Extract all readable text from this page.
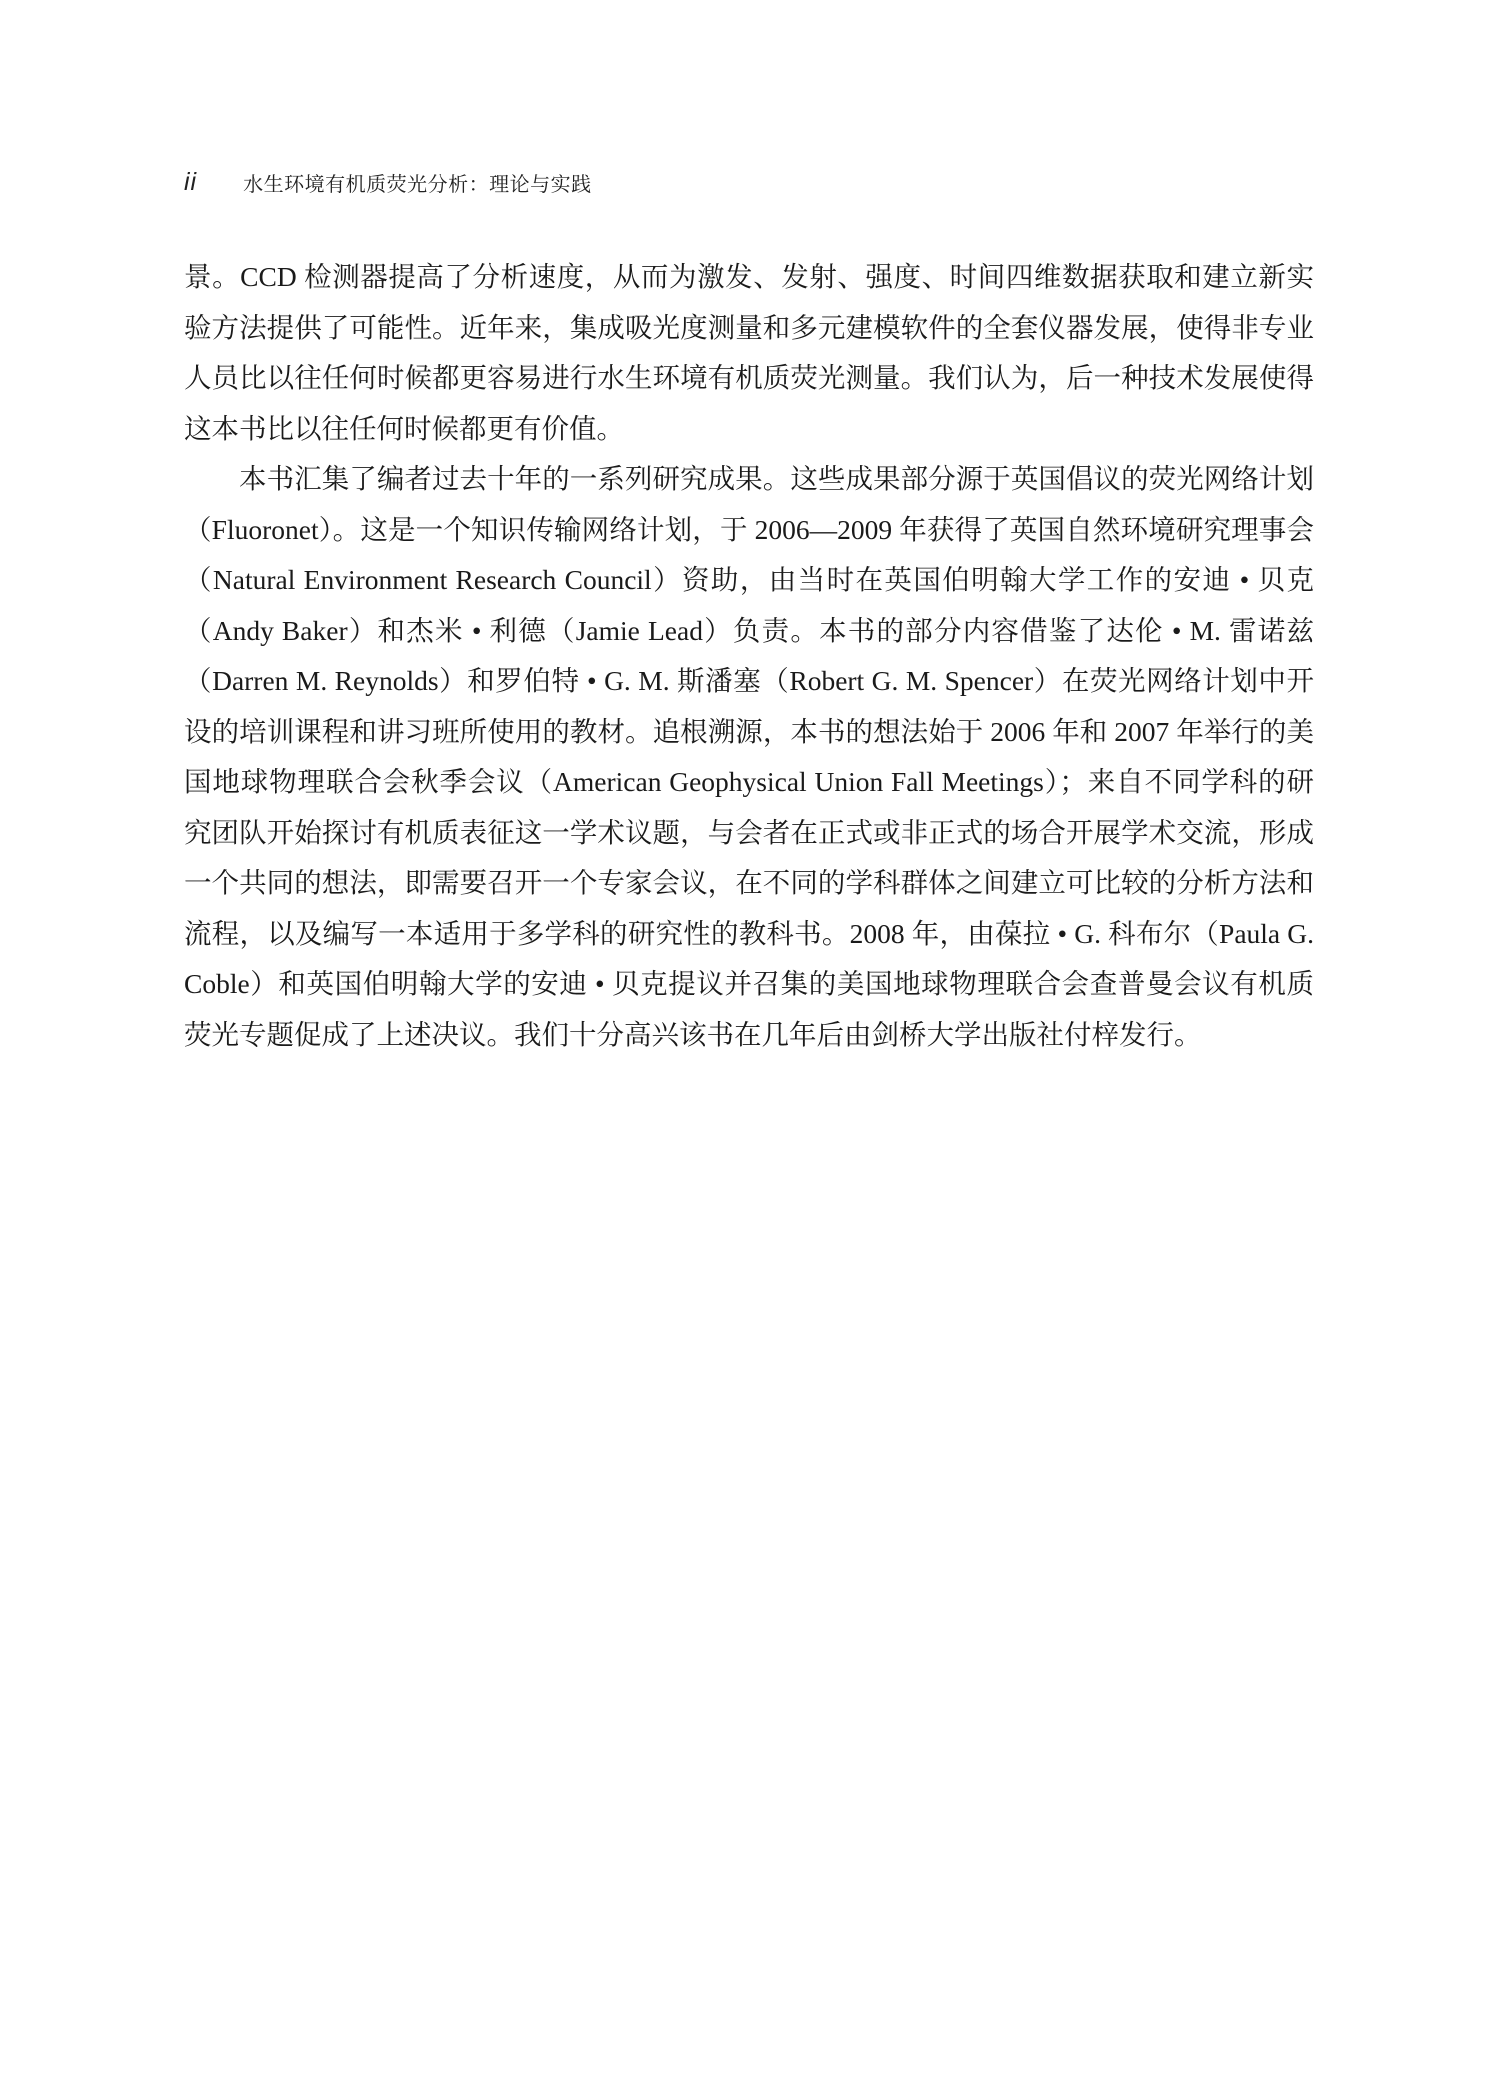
ii 水生环境有机质荧光分析：理论与实践

景。CCD 检测器提高了分析速度，从而为激发、发射、强度、时间四维数据获取和建立新实验方法提供了可能性。近年来，集成吸光度测量和多元建模软件的全套仪器发展，使得非专业人员比以往任何时候都更容易进行水生环境有机质荧光测量。我们认为，后一种技术发展使得这本书比以往任何时候都更有价值。

本书汇集了编者过去十年的一系列研究成果。这些成果部分源于英国倡议的荧光网络计划（Fluoronet）。这是一个知识传输网络计划，于 2006—2009 年获得了英国自然环境研究理事会（Natural Environment Research Council）资助，由当时在英国伯明翰大学工作的安迪 • 贝克（Andy Baker）和杰米 • 利德（Jamie Lead）负责。本书的部分内容借鉴了达伦 • M. 雷诺兹（Darren M. Reynolds）和罗伯特 • G. M. 斯潘塞（Robert G. M. Spencer）在荧光网络计划中开设的培训课程和讲习班所使用的教材。追根溯源，本书的想法始于 2006 年和 2007 年举行的美国地球物理联合会秋季会议（American Geophysical Union Fall Meetings）；来自不同学科的研究团队开始探讨有机质表征这一学术议题，与会者在正式或非正式的场合开展学术交流，形成一个共同的想法，即需要召开一个专家会议，在不同的学科群体之间建立可比较的分析方法和流程，以及编写一本适用于多学科的研究性的教科书。2008 年，由葆拉 • G. 科布尔（Paula G. Coble）和英国伯明翰大学的安迪 • 贝克提议并召集的美国地球物理联合会查普曼会议有机质荧光专题促成了上述决议。我们十分高兴该书在几年后由剑桥大学出版社付梓发行。
